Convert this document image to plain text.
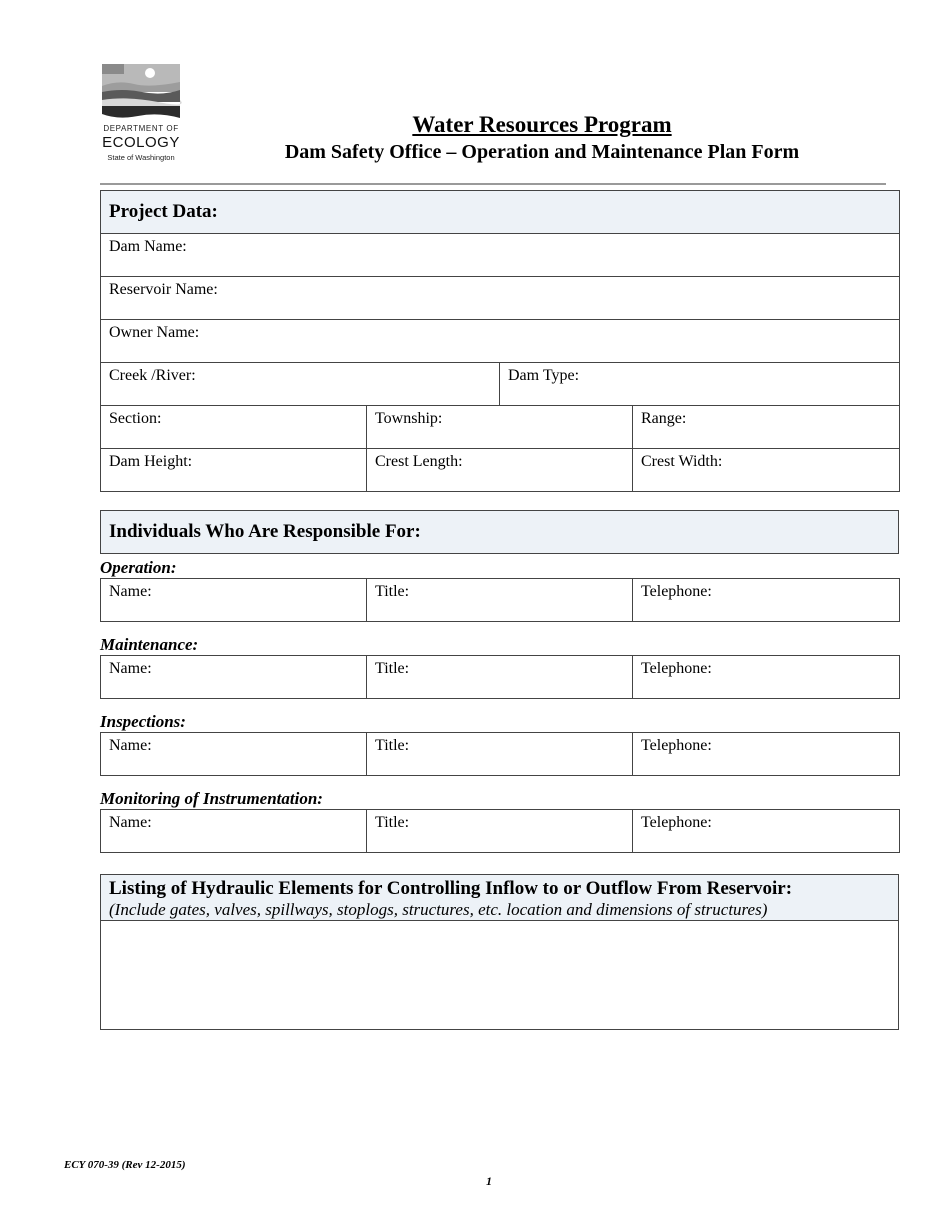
DEPARTMENT OF
ECOLOGY
State of Washington
Water Resources Program
Dam Safety Office – Operation and Maintenance Plan Form
Project Data:			
Dam Name:			
Reservoir Name:			
Owner Name:			
Creek /River:		Dam Type:	
Section:	Township:		Range:
Dam Height:	Crest Length:		Crest Width:
Individuals Who Are Responsible For:
Operation:
Name:	Title:	Telephone:
Maintenance:
Name:	Title:	Telephone:
Inspections:
Name:	Title:	Telephone:
Monitoring of Instrumentation:
Name:	Title:	Telephone:
Listing of Hydraulic Elements for Controlling Inflow to or Outflow From Reservoir:
(Include gates, valves, spillways, stoplogs, structures, etc. location and dimensions of structures)

ECY 070-39 (Rev 12-2015)
1
